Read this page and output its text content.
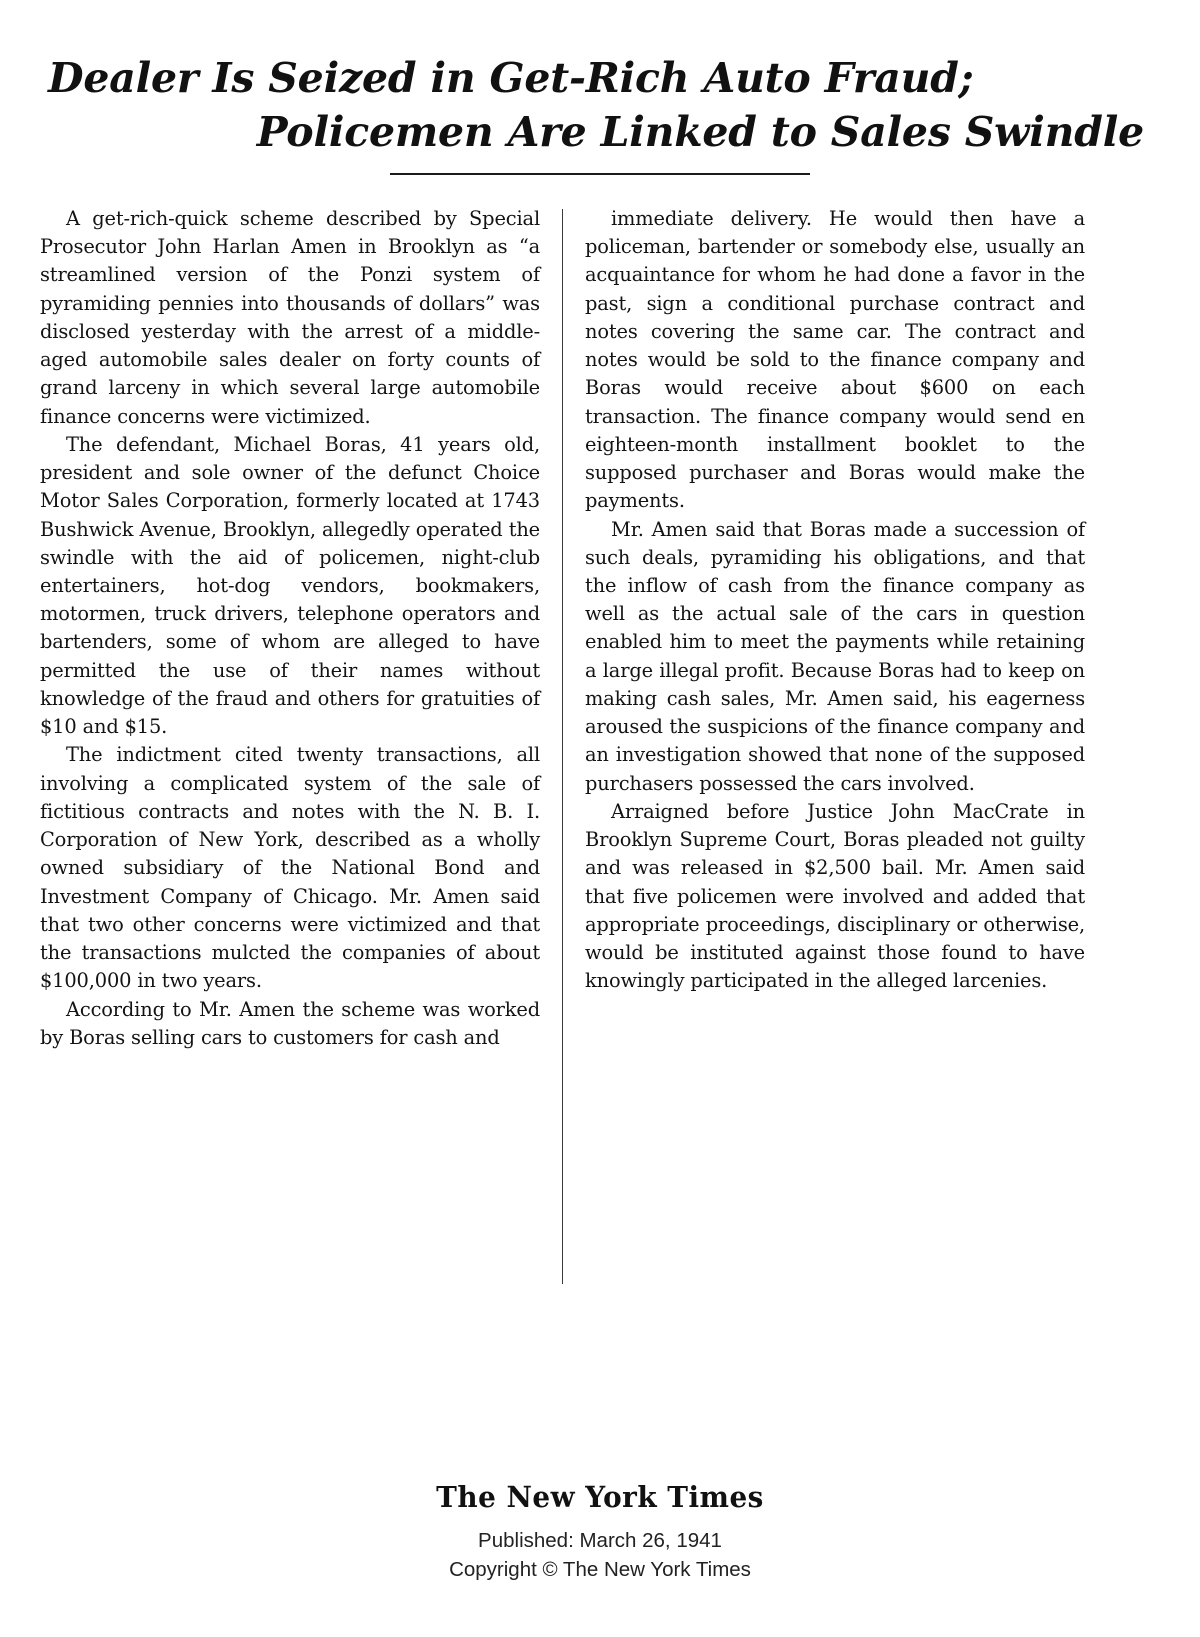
Dealer Is Seized in Get-Rich Auto Fraud;
Policemen Are Linked to Sales Swindle

A get-rich-quick scheme described by Special Prosecutor John Harlan Amen in Brooklyn as “a streamlined version of the Ponzi system of pyramiding pennies into thousands of dollars” was disclosed yesterday with the arrest of a middle-aged automobile sales dealer on forty counts of grand larceny in which several large automobile finance concerns were victimized.

The defendant, Michael Boras, 41 years old, president and sole owner of the defunct Choice Motor Sales Corporation, formerly located at 1743 Bushwick Avenue, Brooklyn, allegedly operated the swindle with the aid of policemen, night-club entertainers, hot-dog vendors, bookmakers, motormen, truck drivers, telephone operators and bartenders, some of whom are alleged to have permitted the use of their names without knowledge of the fraud and others for gratuities of $10 and $15.

The indictment cited twenty transactions, all involving a complicated system of the sale of fictitious contracts and notes with the N. B. I. Corporation of New York, described as a wholly owned subsidiary of the National Bond and Investment Company of Chicago. Mr. Amen said that two other concerns were victimized and that the transactions mulcted the companies of about $100,000 in two years.

According to Mr. Amen the scheme was worked by Boras selling cars to customers for cash and

immediate delivery. He would then have a policeman, bartender or somebody else, usually an acquaintance for whom he had done a favor in the past, sign a conditional purchase contract and notes covering the same car. The contract and notes would be sold to the finance company and Boras would receive about $600 on each transaction. The finance company would send en eighteen-month installment booklet to the supposed purchaser and Boras would make the payments.

Mr. Amen said that Boras made a succession of such deals, pyramiding his obligations, and that the inflow of cash from the finance company as well as the actual sale of the cars in question enabled him to meet the payments while retaining a large illegal profit. Because Boras had to keep on making cash sales, Mr. Amen said, his eagerness aroused the suspicions of the finance company and an investigation showed that none of the supposed purchasers possessed the cars involved.

Arraigned before Justice John MacCrate in Brooklyn Supreme Court, Boras pleaded not guilty and was released in $2,500 bail. Mr. Amen said that five policemen were involved and added that appropriate proceedings, disciplinary or otherwise, would be instituted against those found to have knowingly participated in the alleged larcenies.

The New York Times
Published: March 26, 1941
Copyright © The New York Times
